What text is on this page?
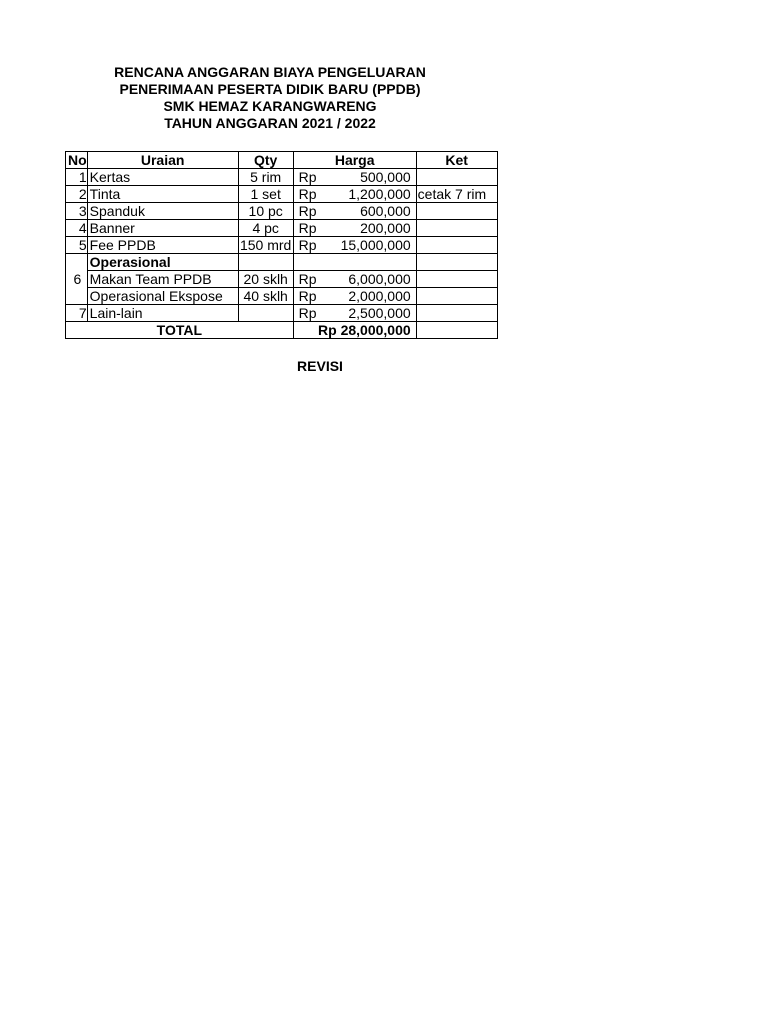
RENCANA ANGGARAN BIAYA PENGELUARAN
PENERIMAAN PESERTA DIDIK BARU (PPDB)
SMK HEMAZ KARANGWARENG
TAHUN ANGGARAN 2021 / 2022
No	Uraian	Qty	Harga		Ket
1	Kertas	5 rim	Rp	500,000	
2	Tinta	1 set	Rp	1,200,000	cetak 7 rim
3	Spanduk	10 pc	Rp	600,000	
4	Banner	4 pc	Rp	200,000	
5	Fee PPDB	150 mrd	Rp	15,000,000	
6	Operasional				
	Makan Team PPDB	20 sklh	Rp	6,000,000	
	Operasional Ekspose	40 sklh	Rp	2,000,000	
7	Lain-lain		Rp	2,500,000	
TOTAL			Rp 28,000,000		
REVISI
